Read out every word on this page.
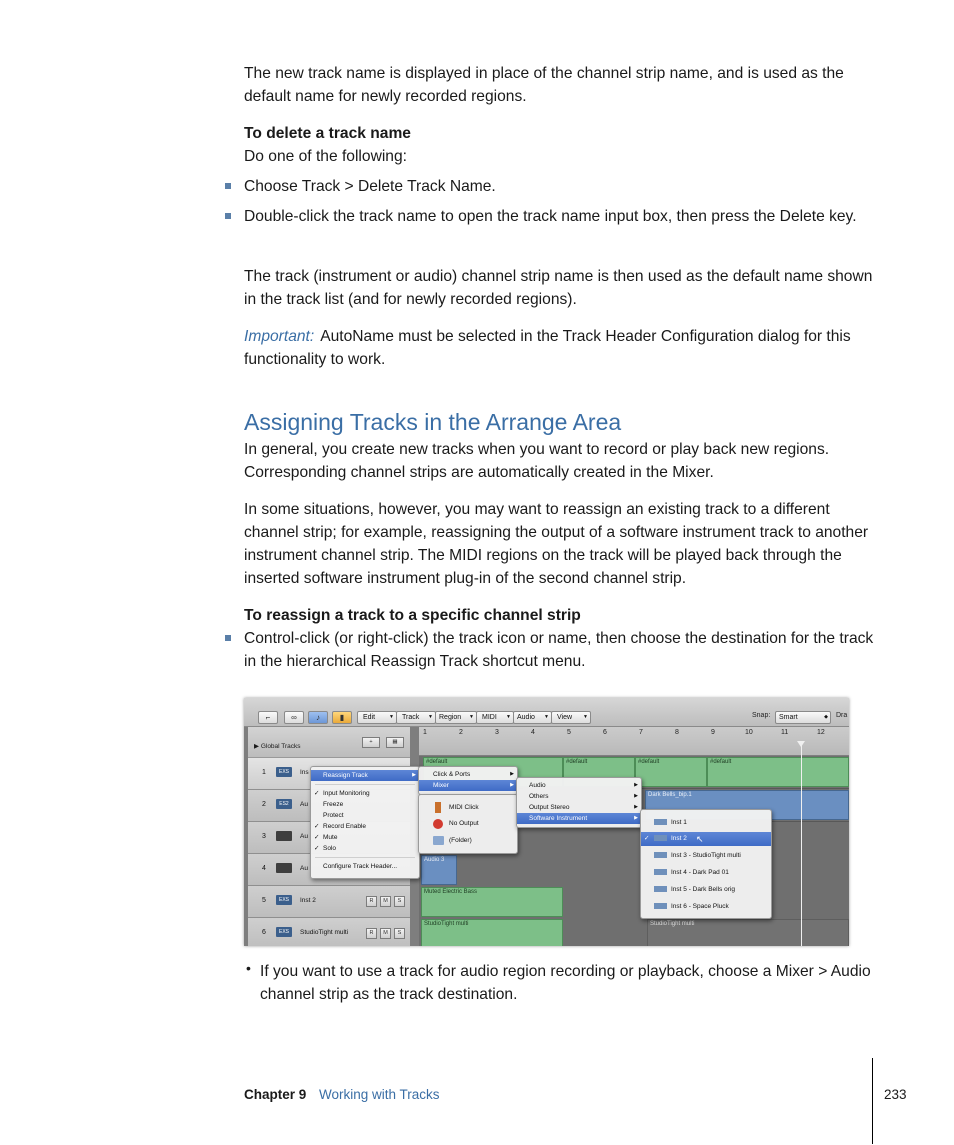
The new track name is displayed in place of the channel strip name, and is used as the default name for newly recorded regions.

To delete a track name

Do one of the following:

Choose Track > Delete Track Name.

Double-click the track name to open the track name input box, then press the Delete key.

The track (instrument or audio) channel strip name is then used as the default name shown in the track list (and for newly recorded regions).

Important: AutoName must be selected in the Track Header Configuration dialog for this functionality to work.

Assigning Tracks in the Arrange Area

In general, you create new tracks when you want to record or play back new regions. Corresponding channel strips are automatically created in the Mixer.

In some situations, however, you may want to reassign an existing track to a different channel strip; for example, reassigning the output of a software instrument track to another instrument channel strip. The MIDI regions on the track will be played back through the inserted software instrument plug-in of the second channel strip.

To reassign a track to a specific channel strip

Control-click (or right-click) the track icon or name, then choose the destination for the track in the hierarchical Reassign Track shortcut menu.

⌐	∞	♪	▮	Edit	▼	Track ▼ Region ▼	MIDI ▼ Audio ▼	View ▼	Snap:	Smart	◆ Dra
▶ Global Tracks
+	▦
1	EXS	Ins
2	ES2	Au
3	Au
4	Au
5	EXS	Inst 2	R	M	S
6	EXS	StudioTight multi	R	M	S
1	2	3	4	5	6	7	8	9	10	11	12
#default	#default	#default	#default
Dark Bells_bip.1
Audio 3
Muted Electric Bass
StudioTight multi	StudioTight multi
Reassign Track	▶
✓ Input Monitoring
Freeze
Protect
✓ Record Enable
✓ Mute
✓ Solo
Configure Track Header...
Click & Ports	▶
Mixer	▶
MIDI Click
No Output
(Folder)
Audio	▶
Others	▶
Output Stereo	▶
Software Instrument	▶
Inst 1
✓	Inst 2 ↖
Inst 3 - StudioTight multi
Inst 4 - Dark Pad 01
Inst 5 - Dark Bells orig
Inst 6 - Space Pluck
• If you want to use a track for audio region recording or playback, choose a Mixer > Audio channel strip as the track destination.

Chapter 9 Working with Tracks	233
